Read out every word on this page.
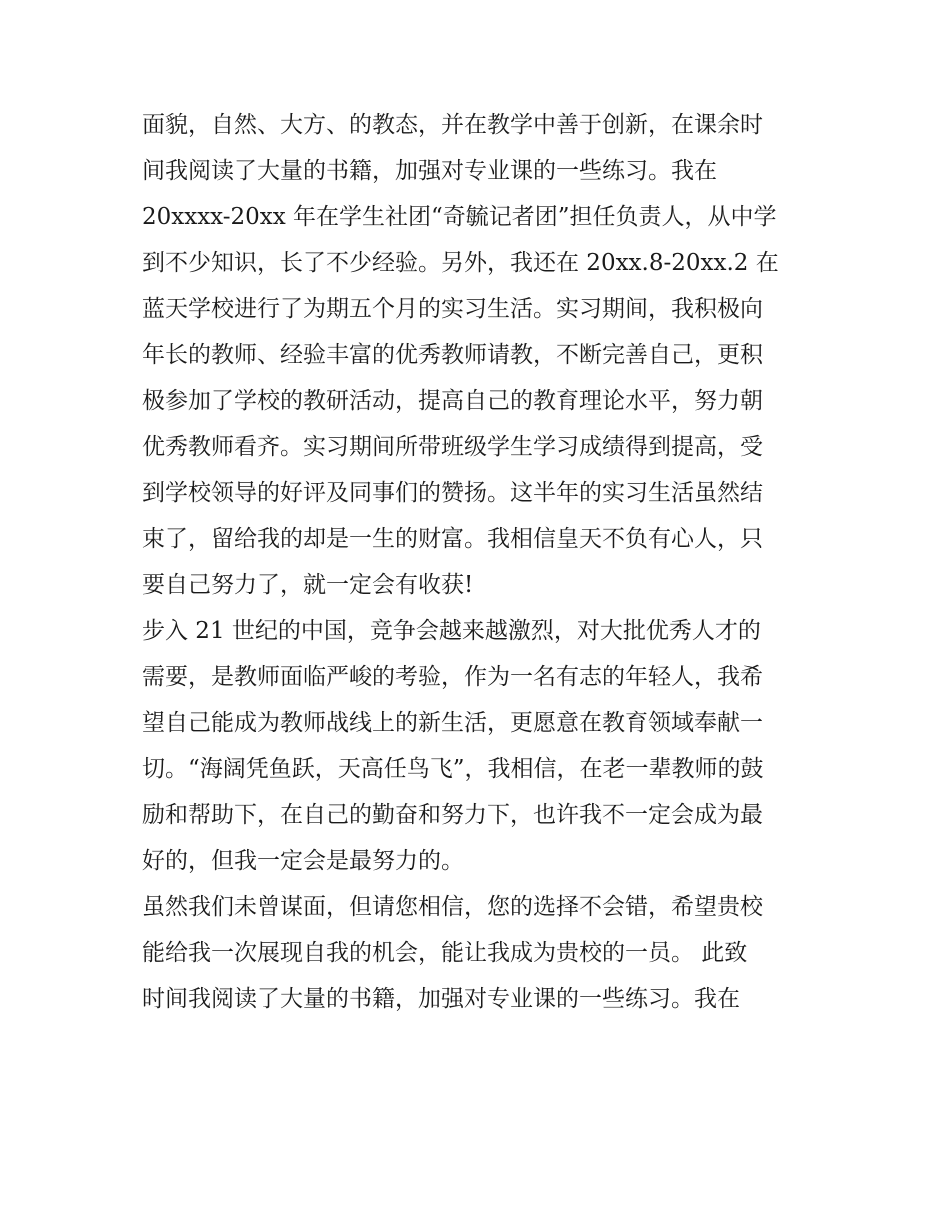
面貌，自然、大方、的教态，并在教学中善于创新，在课余时
间我阅读了大量的书籍，加强对专业课的一些练习。我在
20xxxx-20xx 年在学生社团“奇毓记者团”担任负责人，从中学
到不少知识，长了不少经验。另外，我还在 20xx.8-20xx.2 在
蓝天学校进行了为期五个月的实习生活。实习期间，我积极向
年长的教师、经验丰富的优秀教师请教，不断完善自己，更积
极参加了学校的教研活动，提高自己的教育理论水平，努力朝
优秀教师看齐。实习期间所带班级学生学习成绩得到提高，受
到学校领导的好评及同事们的赞扬。这半年的实习生活虽然结
束了，留给我的却是一生的财富。我相信皇天不负有心人，只
要自己努力了，就一定会有收获!
步入 21 世纪的中国，竞争会越来越激烈，对大批优秀人才的
需要，是教师面临严峻的考验，作为一名有志的年轻人，我希
望自己能成为教师战线上的新生活，更愿意在教育领域奉献一
切。“海阔凭鱼跃，天高任鸟飞”，我相信，在老一辈教师的鼓
励和帮助下，在自己的勤奋和努力下，也许我不一定会成为最
好的，但我一定会是最努力的。
虽然我们未曾谋面，但请您相信，您的选择不会错，希望贵校
能给我一次展现自我的机会，能让我成为贵校的一员。 此致
时间我阅读了大量的书籍，加强对专业课的一些练习。我在
